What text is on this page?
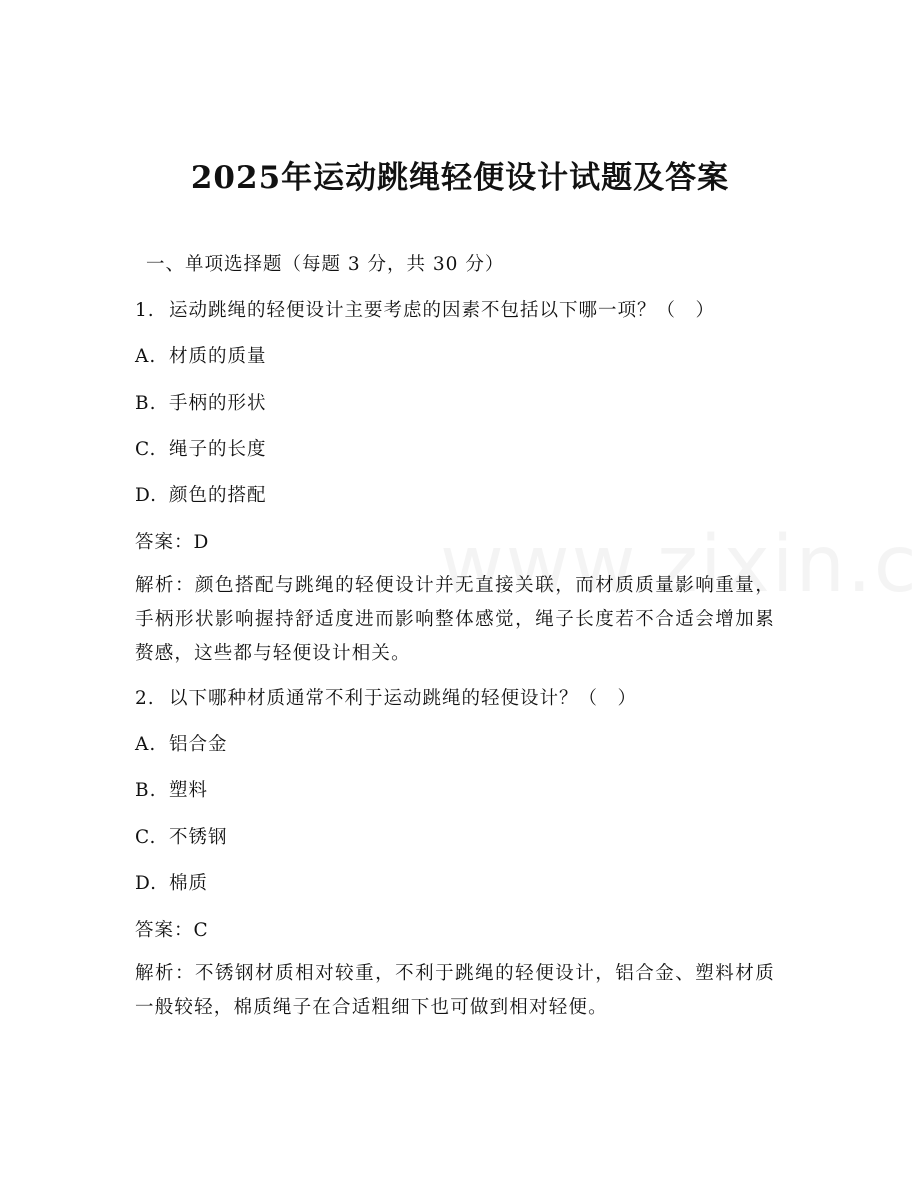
2025年运动跳绳轻便设计试题及答案
一、单项选择题（每题 3 分，共 30 分）
1. 运动跳绳的轻便设计主要考虑的因素不包括以下哪一项？（　）
A. 材质的质量
B. 手柄的形状
C. 绳子的长度
D. 颜色的搭配
答案：D
解析：颜色搭配与跳绳的轻便设计并无直接关联，而材质质量影响重量，手柄形状影响握持舒适度进而影响整体感觉，绳子长度若不合适会增加累赘感，这些都与轻便设计相关。
2. 以下哪种材质通常不利于运动跳绳的轻便设计？（　）
A. 铝合金
B. 塑料
C. 不锈钢
D. 棉质
答案：C
解析：不锈钢材质相对较重，不利于跳绳的轻便设计，铝合金、塑料材质一般较轻，棉质绳子在合适粗细下也可做到相对轻便。
